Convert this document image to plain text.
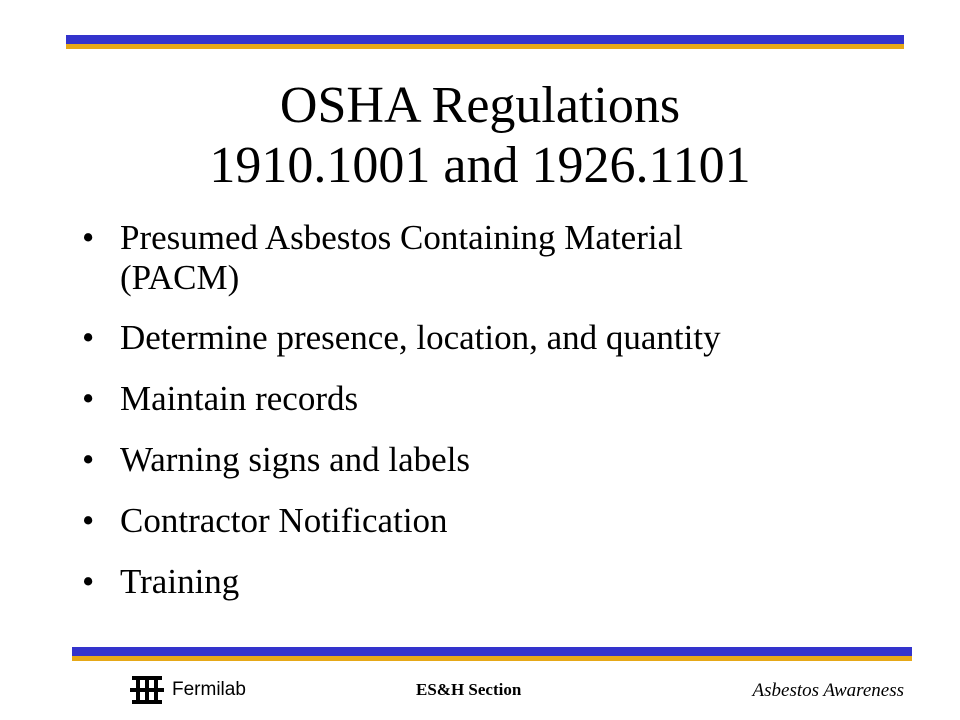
OSHA Regulations
1910.1001 and 1926.1101
• Presumed Asbestos Containing Material
(PACM)
• Determine presence, location, and quantity
• Maintain records
• Warning signs and labels
• Contractor Notification
• Training
Fermilab	ES&H Section	Asbestos Awareness
